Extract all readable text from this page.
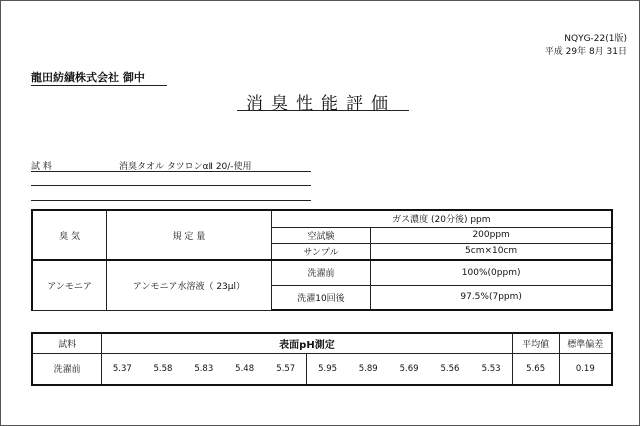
NQYG-22(1版)
平成 29年 8月 31日
龍田紡績株式会社 御中
消臭性能評価
試 料	消臭タオル タツロンαⅡ 20/-使用
臭 気	規 定 量	ガス濃度 (20分後) ppm	
		空試験	200ppm
		サンプル	5cm×10cm
アンモニア	アンモニア水溶液（ 23μl）	洗濯前	100%(0ppm)
		洗濯10回後	97.5%(7ppm)
試料	表面pH測定										平均値	標準偏差
洗濯前	5.37	5.58	5.83	5.48	5.57	5.95	5.89	5.69	5.56	5.53	5.65	0.19
